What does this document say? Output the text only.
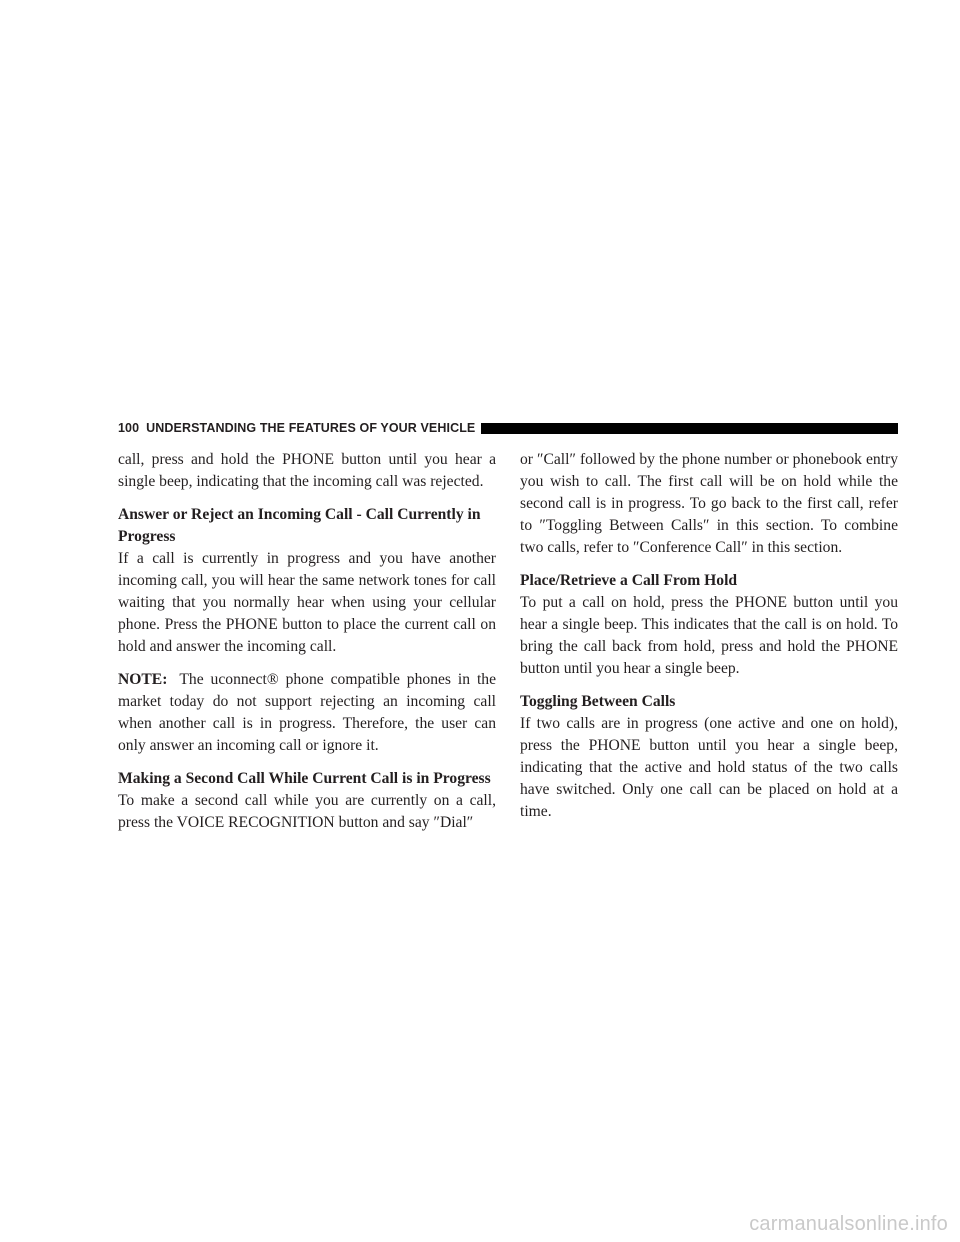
100 UNDERSTANDING THE FEATURES OF YOUR VEHICLE

call, press and hold the PHONE button until you hear a single beep, indicating that the incoming call was rejected.

Answer or Reject an Incoming Call - Call Currently in Progress

If a call is currently in progress and you have another incoming call, you will hear the same network tones for call waiting that you normally hear when using your cellular phone. Press the PHONE button to place the current call on hold and answer the incoming call.

NOTE: The uconnect® phone compatible phones in the market today do not support rejecting an incoming call when another call is in progress. Therefore, the user can only answer an incoming call or ignore it.

Making a Second Call While Current Call is in Progress

To make a second call while you are currently on a call, press the VOICE RECOGNITION button and say ″Dial″

or ″Call″ followed by the phone number or phonebook entry you wish to call. The first call will be on hold while the second call is in progress. To go back to the first call, refer to ″Toggling Between Calls″ in this section. To combine two calls, refer to ″Conference Call″ in this section.

Place/Retrieve a Call From Hold

To put a call on hold, press the PHONE button until you hear a single beep. This indicates that the call is on hold. To bring the call back from hold, press and hold the PHONE button until you hear a single beep.

Toggling Between Calls

If two calls are in progress (one active and one on hold), press the PHONE button until you hear a single beep, indicating that the active and hold status of the two calls have switched. Only one call can be placed on hold at a time.

carmanualsonline.info
